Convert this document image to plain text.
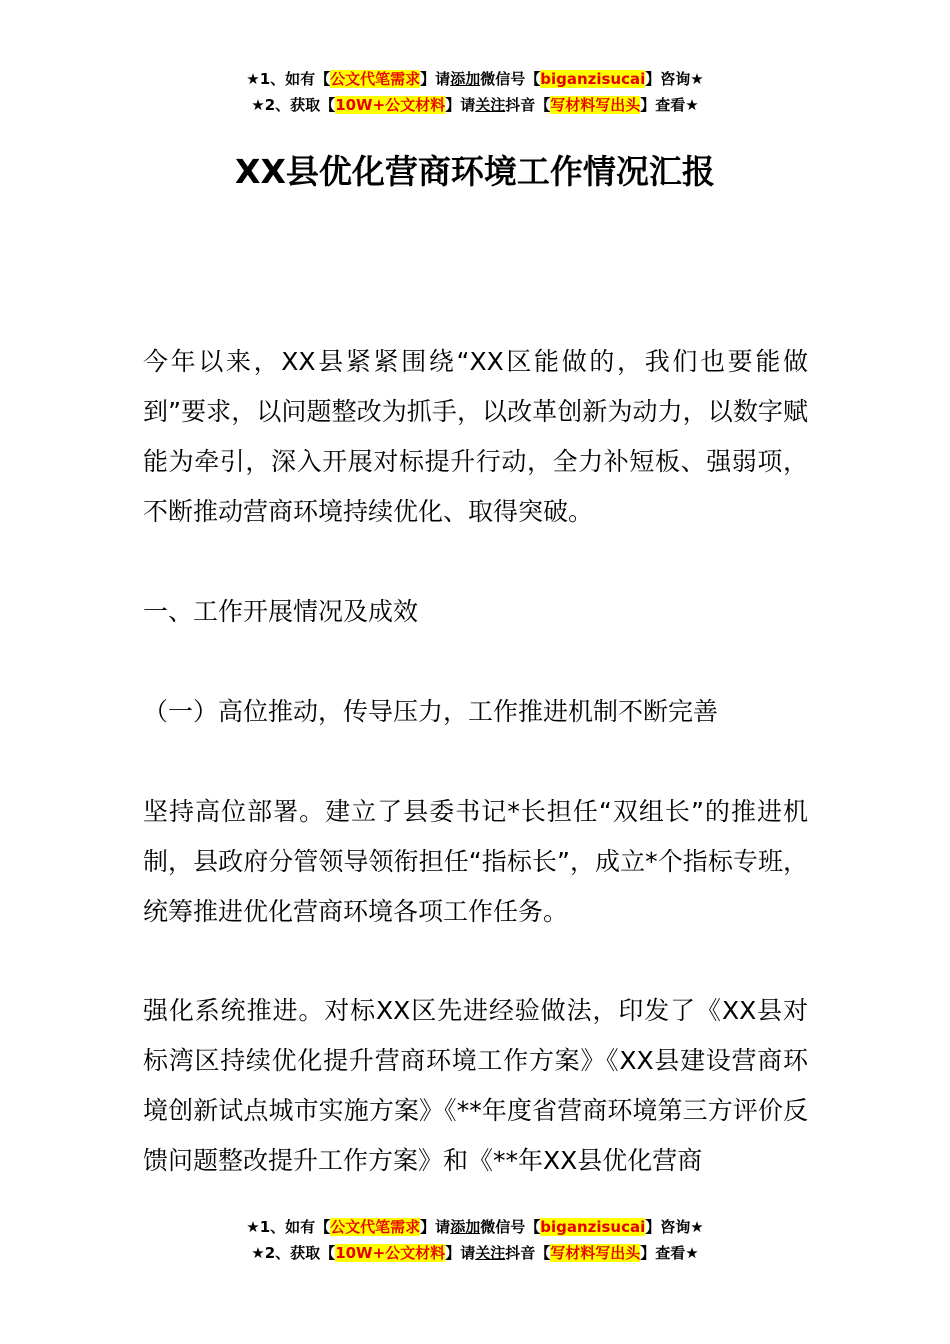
★1、如有【公文代笔需求】请添加微信号【biganzisucai】咨询★
★2、获取【10W+公文材料】请关注抖音【写材料写出头】查看★
XX县优化营商环境工作情况汇报

今年以来，XX县紧紧围绕“XX区能做的，我们也要能做到”要求，以问题整改为抓手，以改革创新为动力，以数字赋能为牵引，深入开展对标提升行动，全力补短板、强弱项，不断推动营商环境持续优化、取得突破。

一、工作开展情况及成效

（一）高位推动，传导压力，工作推进机制不断完善

坚持高位部署。建立了县委书记*长担任“双组长”的推进机制，县政府分管领导领衔担任“指标长”，成立*个指标专班，统筹推进优化营商环境各项工作任务。

强化系统推进。对标XX区先进经验做法，印发了《XX县对标湾区持续优化提升营商环境工作方案》《XX县建设营商环境创新试点城市实施方案》《**年度省营商环境第三方评价反馈问题整改提升工作方案》和《**年XX县优化营商

★1、如有【公文代笔需求】请添加微信号【biganzisucai】咨询★
★2、获取【10W+公文材料】请关注抖音【写材料写出头】查看★
